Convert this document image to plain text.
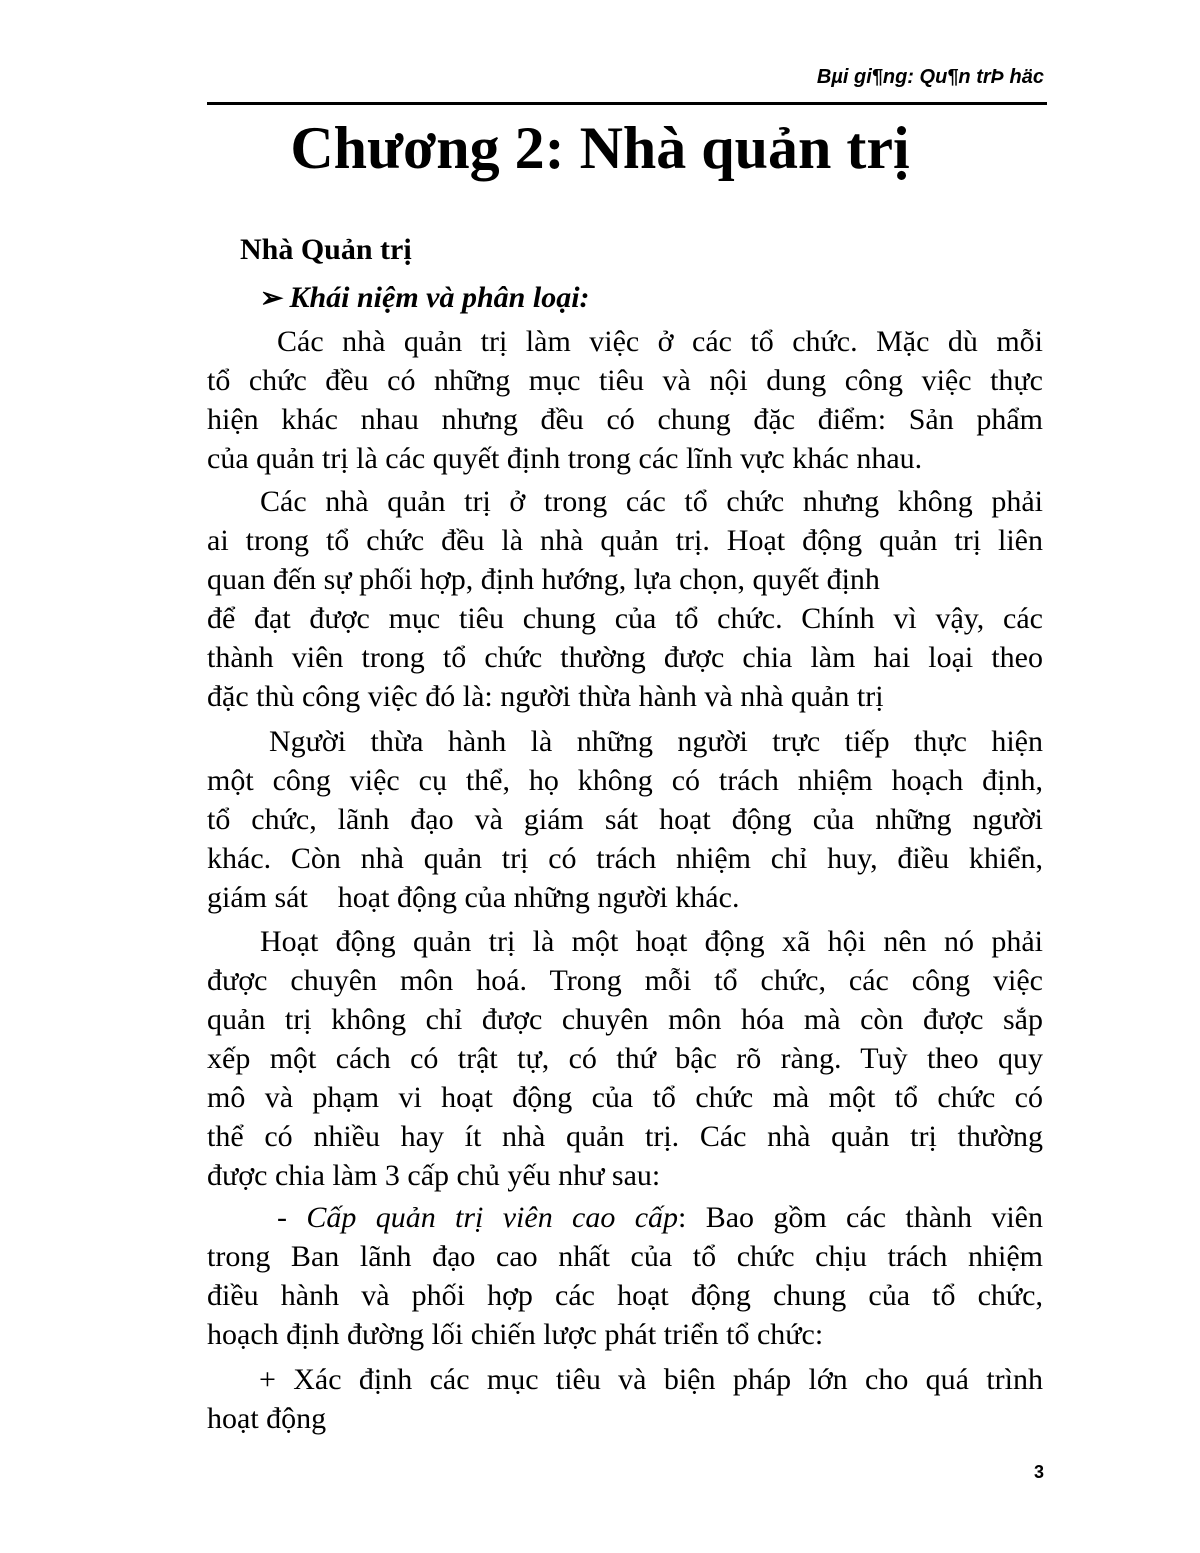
Bµi gi¶ng: Qu¶n trÞ häc
Chương 2: Nhà quản trị
Nhà Quản trị
➢ Khái niệm và phân loại:
Các nhà quản trị làm việc ở các tổ chức. Mặc dù mỗi
tổ chức đều có những mục tiêu và nội dung công việc thực
hiện khác nhau nhưng đều có chung đặc điểm: Sản phẩm
của quản trị là các quyết định trong các lĩnh vực khác nhau.
Các nhà quản trị ở trong các tổ chức nhưng không phải
ai trong tổ chức đều là nhà quản trị. Hoạt động quản trị liên
quan đến sự phối hợp, định hướng, lựa chọn, quyết định
để đạt được mục tiêu chung của tổ chức. Chính vì vậy, các
thành viên trong tổ chức thường được chia làm hai loại theo
đặc thù công việc đó là: người thừa hành và nhà quản trị
Người thừa hành là những người trực tiếp thực hiện
một công việc cụ thể, họ không có trách nhiệm hoạch định,
tổ chức, lãnh đạo và giám sát hoạt động của những người
khác. Còn nhà quản trị có trách nhiệm chỉ huy, điều khiển,
giám sát    hoạt động của những người khác.
Hoạt động quản trị là một hoạt động xã hội nên nó phải
được chuyên môn hoá. Trong mỗi tổ chức, các công việc
quản trị không chỉ được chuyên môn hóa mà còn được sắp
xếp một cách có trật tự, có thứ bậc rõ ràng. Tuỳ theo quy
mô và phạm vi hoạt động của tổ chức mà một tổ chức có
thể có nhiều hay ít nhà quản trị. Các nhà quản trị thường
được chia làm 3 cấp chủ yếu như sau:
- Cấp quản trị viên cao cấp: Bao gồm các thành viên
trong Ban lãnh đạo cao nhất của tổ chức chịu trách nhiệm
điều hành và phối hợp các hoạt động chung của tổ chức,
hoạch định đường lối chiến lược phát triển tổ chức:
+ Xác định các mục tiêu và biện pháp lớn cho quá trình
hoạt động
3
